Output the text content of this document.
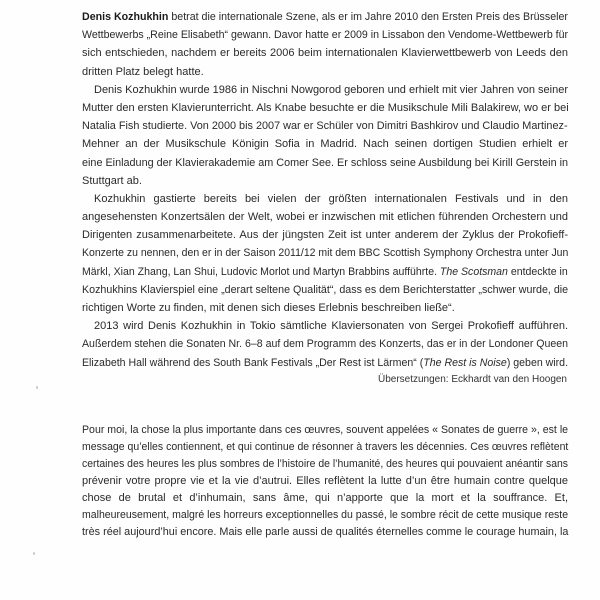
Denis Kozhukhin betrat die internationale Szene, als er im Jahre 2010 den Ersten Preis des Brüsseler
Wettbewerbs „Reine Elisabeth“ gewann. Davor hatte er 2009 in Lissabon den Vendome-Wettbewerb für
sich entschieden, nachdem er bereits 2006 beim internationalen Klavierwettbewerb von Leeds den
dritten Platz belegt hatte.
Denis Kozhukhin wurde 1986 in Nischni Nowgorod geboren und erhielt mit vier Jahren von seiner
Mutter den ersten Klavierunterricht. Als Knabe besuchte er die Musikschule Mili Balakirew, wo er bei
Natalia Fish studierte. Von 2000 bis 2007 war er Schüler von Dimitri Bashkirov und Claudio Martinez-
Mehner an der Musikschule Königin Sofia in Madrid. Nach seinen dortigen Studien erhielt er
eine Einladung der Klavierakademie am Comer See. Er schloss seine Ausbildung bei Kirill Gerstein in
Stuttgart ab.
Kozhukhin gastierte bereits bei vielen der größten internationalen Festivals und in den
angesehensten Konzertsälen der Welt, wobei er inzwischen mit etlichen führenden Orchestern und
Dirigenten zusammenarbeitete. Aus der jüngsten Zeit ist unter anderem der Zyklus der Prokofieff-
Konzerte zu nennen, den er in der Saison 2011/12 mit dem BBC Scottish Symphony Orchestra unter Jun
Märkl, Xian Zhang, Lan Shui, Ludovic Morlot und Martyn Brabbins aufführte. The Scotsman entdeckte in
Kozhukhins Klavierspiel eine „derart seltene Qualität“, dass es dem Berichterstatter „schwer wurde, die
richtigen Worte zu finden, mit denen sich dieses Erlebnis beschreiben ließe“.
2013 wird Denis Kozhukhin in Tokio sämtliche Klaviersonaten von Sergei Prokofieff aufführen.
Außerdem stehen die Sonaten Nr. 6–8 auf dem Programm des Konzerts, das er in der Londoner Queen
Elizabeth Hall während des South Bank Festivals „Der Rest ist Lärmen“ (The Rest is Noise) geben wird.
Übersetzungen: Eckhardt van den Hoogen
Pour moi, la chose la plus importante dans ces œuvres, souvent appelées « Sonates de guerre », est le
message qu’elles contiennent, et qui continue de résonner à travers les décennies. Ces œuvres reflètent
certaines des heures les plus sombres de l’histoire de l’humanité, des heures qui pouvaient anéantir sans
prévenir votre propre vie et la vie d’autrui. Elles reflètent la lutte d’un être humain contre quelque
chose de brutal et d’inhumain, sans âme, qui n’apporte que la mort et la souffrance. Et,
malheureusement, malgré les horreurs exceptionnelles du passé, le sombre récit de cette musique reste
très réel aujourd’hui encore. Mais elle parle aussi de qualités éternelles comme le courage humain, la
